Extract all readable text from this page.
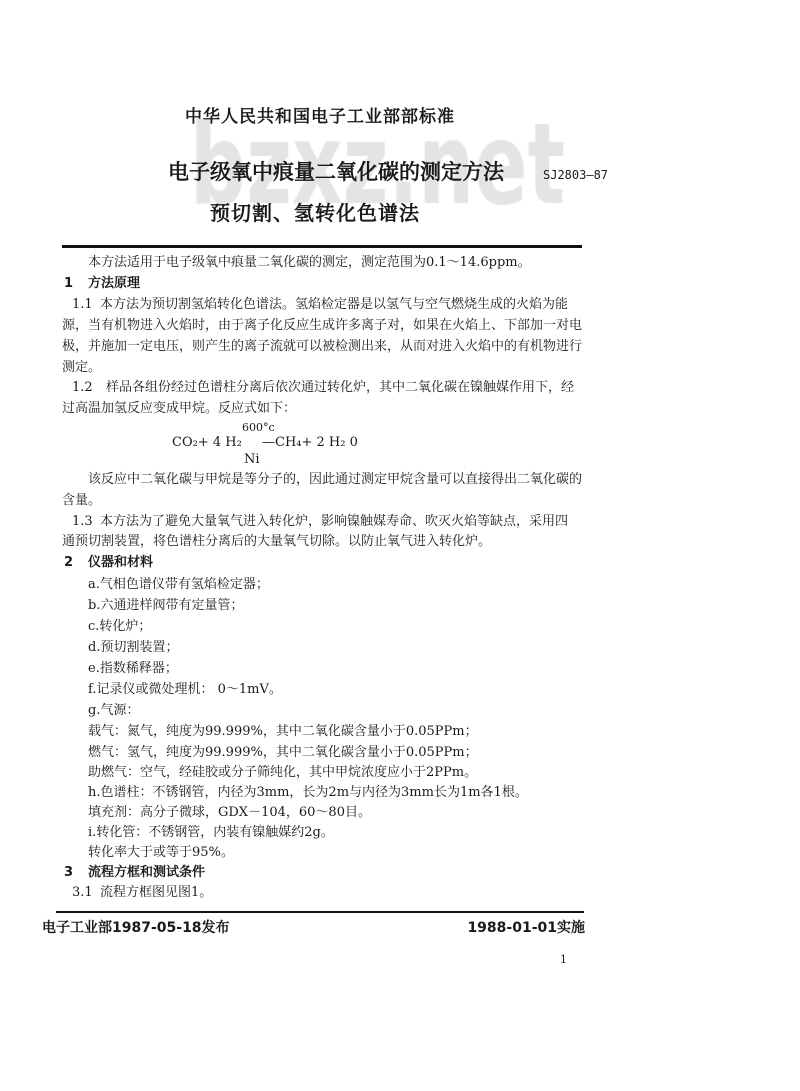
中华人民共和国电子工业部部标准
电子级氧中痕量二氧化碳的测定方法	SJ2803—87
预切割、氢转化色谱法
本方法适用于电子级氧中痕量二氧化碳的测定，测定范围为0.1～14.6ppm。
1 方法原理
1.1 本方法为预切割氢焰转化色谱法。氢焰检定器是以氢气与空气燃烧生成的火焰为能
源，当有机物进入火焰时，由于离子化反应生成许多离子对，如果在火焰上、下部加一对电
极，并施加一定电压，则产生的离子流就可以被检测出来，从而对进入火焰中的有机物进行
测定。
1.2 样品各组份经过色谱柱分离后依次通过转化炉，其中二氧化碳在镍触媒作用下，经
过高温加氢反应变成甲烷。反应式如下：
600°c
CO₂+ 4 H₂ —CH₄+ 2 H₂ 0
Ni
该反应中二氧化碳与甲烷是等分子的，因此通过测定甲烷含量可以直接得出二氧化碳的
含量。
1.3 本方法为了避免大量氧气进入转化炉，影响镍触媒寿命、吹灭火焰等缺点，采用四
通预切割装置，将色谱柱分离后的大量氧气切除。以防止氧气进入转化炉。
2 仪器和材料
a.气相色谱仪带有氢焰检定器；
b.六通进样阀带有定量管；
c.转化炉；
d.预切割装置；
e.指数稀释器；
f.记录仪或微处理机： 0～1mV。
g.气源：
载气：氮气，纯度为99.999%，其中二氧化碳含量小于0.05PPm；
燃气：氢气，纯度为99.999%，其中二氧化碳含量小于0.05PPm；
助燃气：空气，经硅胶或分子筛纯化，其中甲烷浓度应小于2PPm。
h.色谱柱：不锈钢管，内径为3mm，长为2m与内径为3mm长为1m各1根。
填充剂：高分子微球，GDX－104，60～80目。
i.转化管：不锈钢管，内装有镍触媒约2g。
转化率大于或等于95%。
3 流程方框和测试条件
3.1 流程方框图见图1。
电子工业部1987-05-18发布	1988-01-01实施
1
